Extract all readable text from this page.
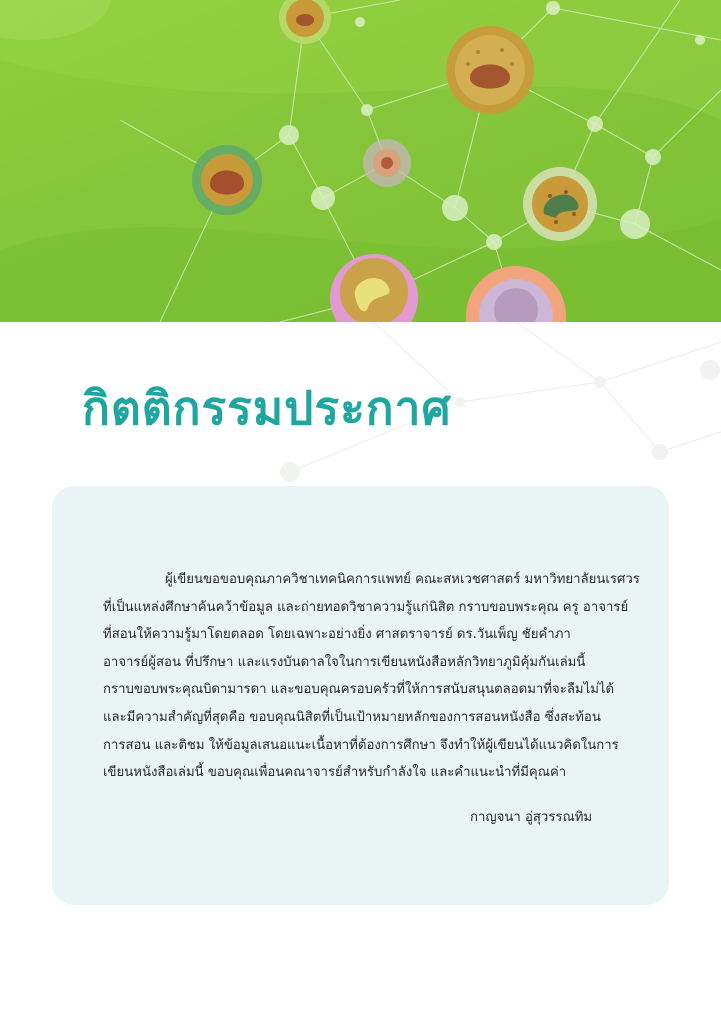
กิตติกรรมประกาศ
ผู้เขียนขอขอบคุณภาควิชาเทคนิคการแพทย์ คณะสหเวชศาสตร์ มหาวิทยาลัยนเรศวร
ที่เป็นแหล่งศึกษาค้นคว้าข้อมูล และถ่ายทอดวิชาความรู้แก่นิสิต กราบขอบพระคุณ ครู อาจารย์
ที่สอนให้ความรู้มาโดยตลอด โดยเฉพาะอย่างยิ่ง ศาสตราจารย์ ดร.วันเพ็ญ ชัยคำภา
อาจารย์ผู้สอน ที่ปรึกษา และแรงบันดาลใจในการเขียนหนังสือหลักวิทยาภูมิคุ้มกันเล่มนี้
กราบขอบพระคุณบิดามารดา และขอบคุณครอบครัวที่ให้การสนับสนุนตลอดมาที่จะลืมไม่ได้
และมีความสำคัญที่สุดคือ ขอบคุณนิสิตที่เป็นเป้าหมายหลักของการสอนหนังสือ ซึ่งสะท้อน
การสอน และติชม ให้ข้อมูลเสนอแนะเนื้อหาที่ต้องการศึกษา จึงทำให้ผู้เขียนได้แนวคิดในการ
เขียนหนังสือเล่มนี้ ขอบคุณเพื่อนคณาจารย์สำหรับกำลังใจ และคำแนะนำที่มีคุณค่า

กาญจนา อู่สุวรรณทิม
